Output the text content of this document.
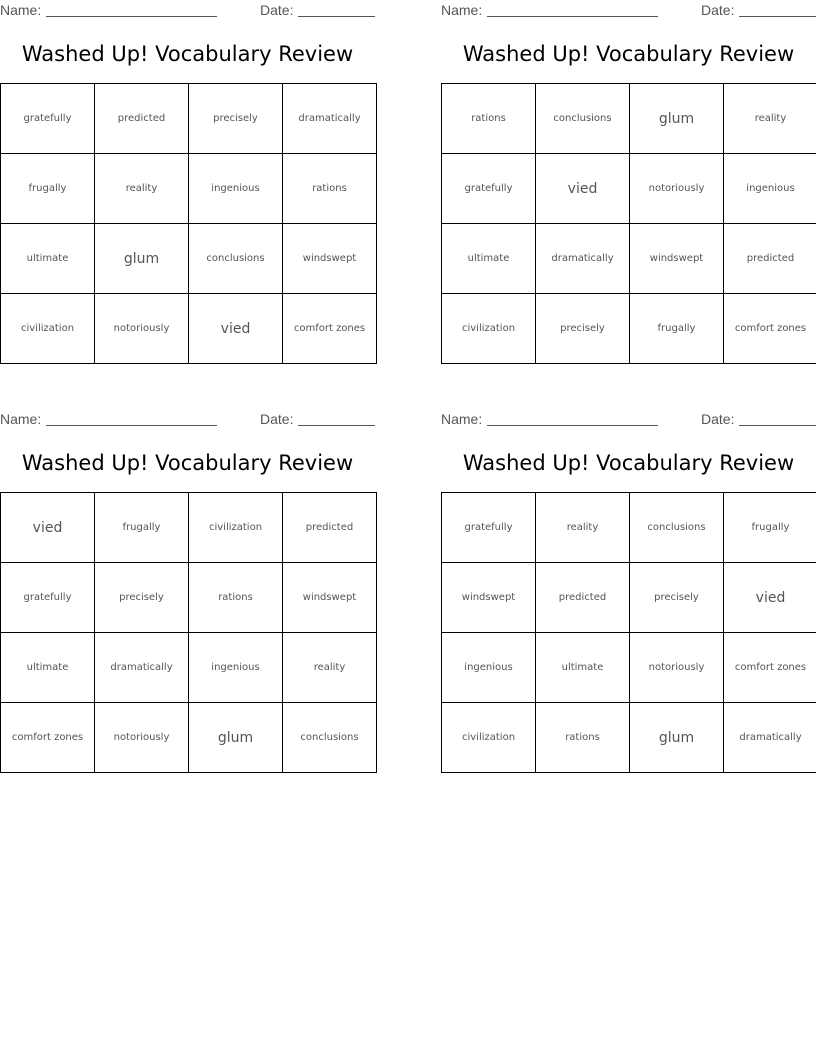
Name:	Date:
Washed Up! Vocabulary Review
gratefully	predicted	precisely	dramatically
frugally	reality	ingenious	rations
ultimate	glum	conclusions	windswept
civilization	notoriously	vied	comfort zones
Name:	Date:
Washed Up! Vocabulary Review
rations	conclusions	glum	reality
gratefully	vied	notoriously	ingenious
ultimate	dramatically	windswept	predicted
civilization	precisely	frugally	comfort zones
Name:	Date:
Washed Up! Vocabulary Review
vied	frugally	civilization	predicted
gratefully	precisely	rations	windswept
ultimate	dramatically	ingenious	reality
comfort zones	notoriously	glum	conclusions
Name:	Date:
Washed Up! Vocabulary Review
gratefully	reality	conclusions	frugally
windswept	predicted	precisely	vied
ingenious	ultimate	notoriously	comfort zones
civilization	rations	glum	dramatically
